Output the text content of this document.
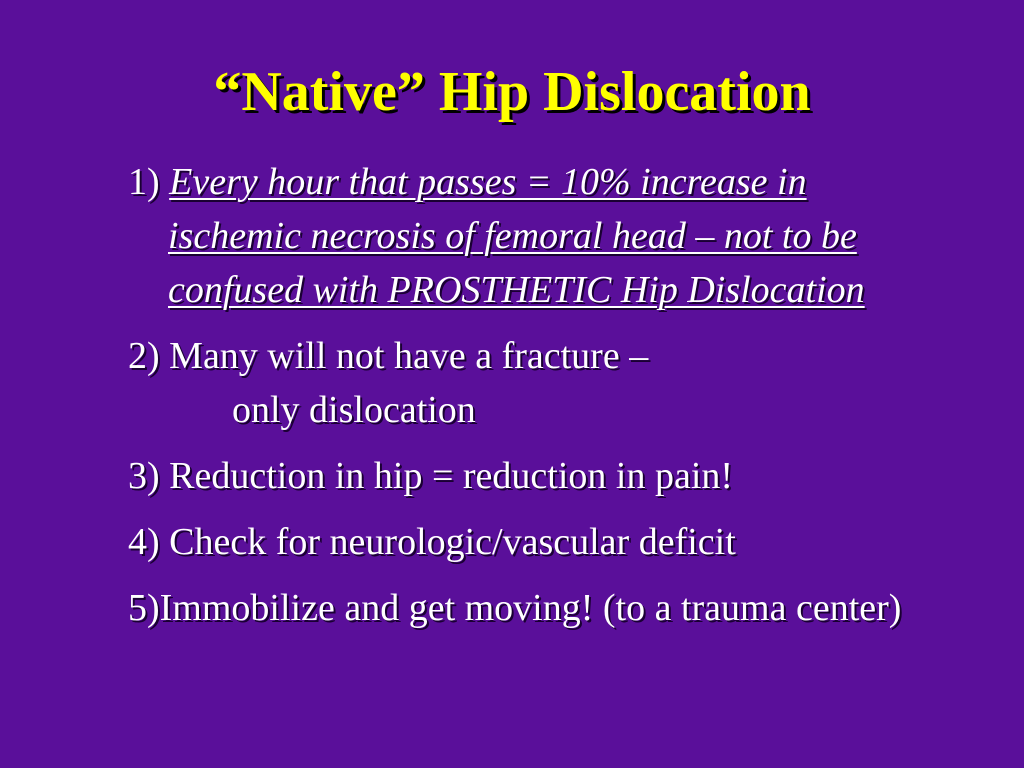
“Native” Hip Dislocation
1) Every hour that passes = 10% increase in ischemic necrosis of femoral head – not to be confused with PROSTHETIC Hip Dislocation
2) Many will not have a fracture –
only dislocation
3) Reduction in hip = reduction in pain!
4) Check for neurologic/vascular deficit
5)Immobilize and get moving! (to a trauma center)
